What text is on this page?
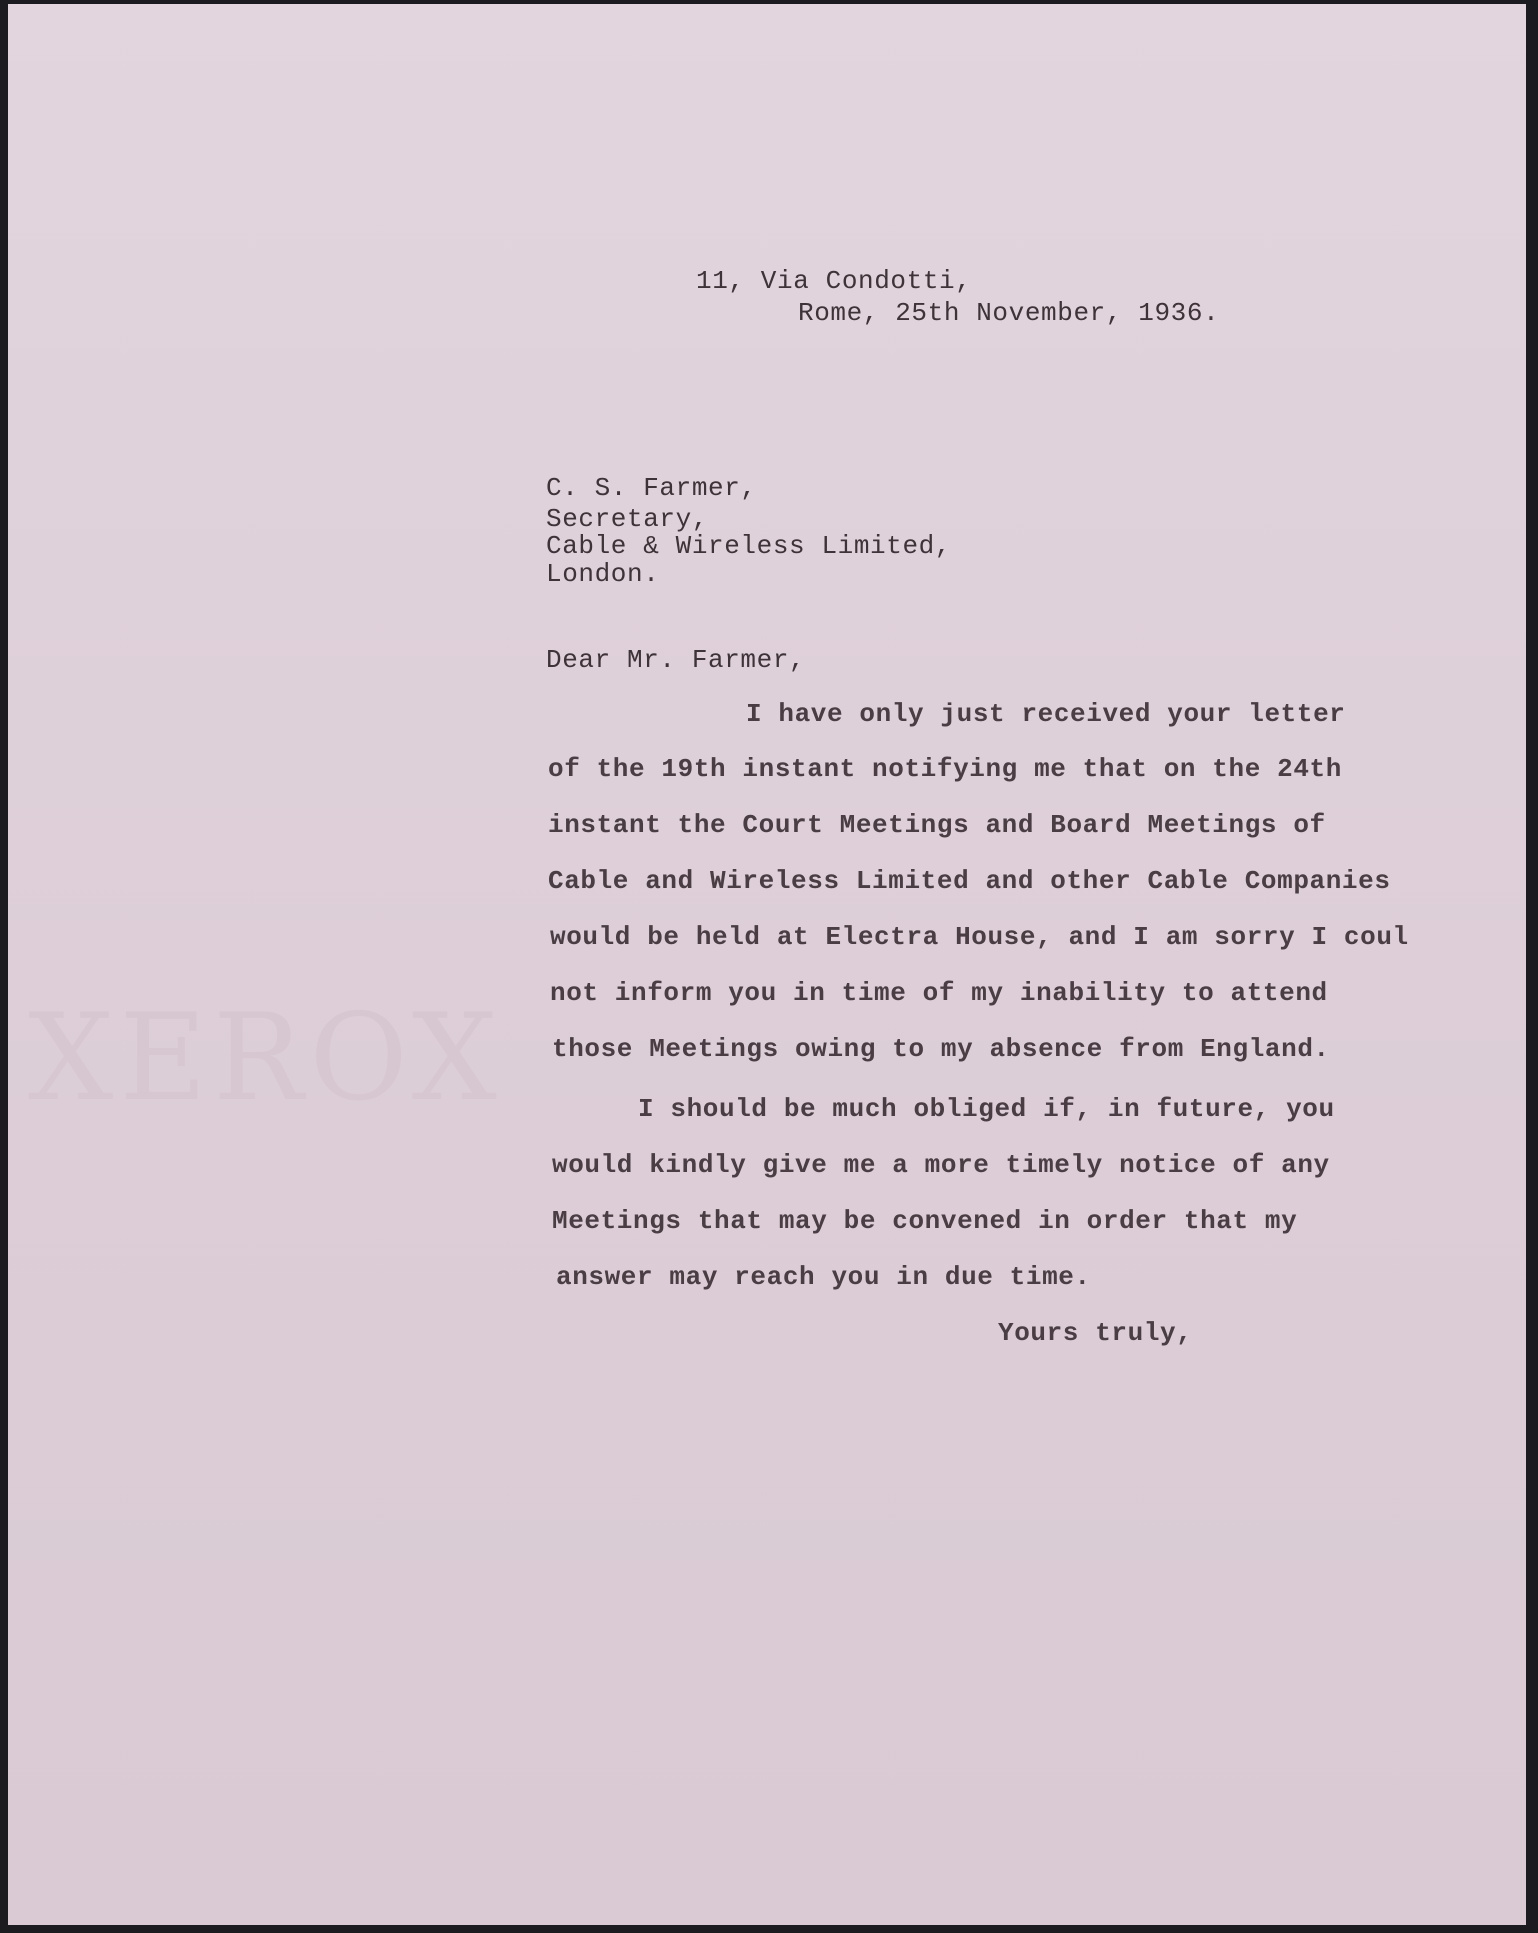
XEROX
11, Via Condotti,
Rome, 25th November, 1936.
C. S. Farmer,
Secretary,
Cable & Wireless Limited,
London.
Dear Mr. Farmer,
I have only just received your letter
of the 19th instant notifying me that on the 24th
instant the Court Meetings and Board Meetings of
Cable and Wireless Limited and other Cable Companies
would be held at Electra House, and I am sorry I coul
not inform you in time of my inability to attend
those Meetings owing to my absence from England.
I should be much obliged if, in future, you
would kindly give me a more timely notice of any
Meetings that may be convened in order that my
answer may reach you in due time.
Yours truly,
